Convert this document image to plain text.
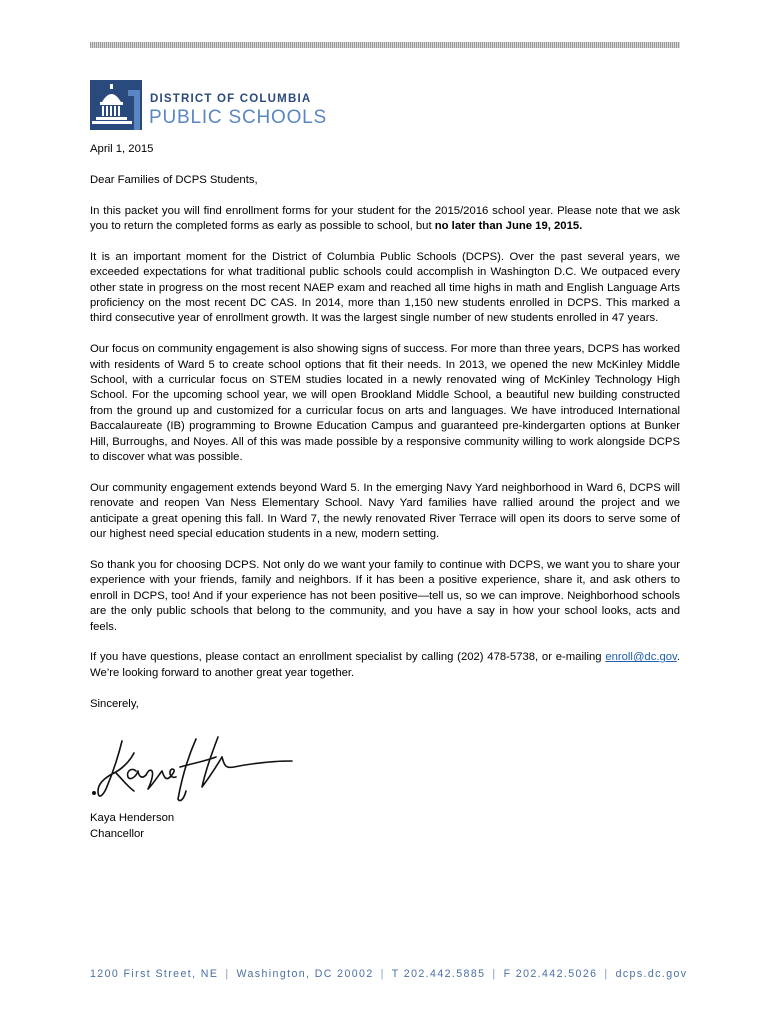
DISTRICT OF COLUMBIA
PUBLIC SCHOOLS

April 1, 2015

Dear Families of DCPS Students,

In this packet you will find enrollment forms for your student for the 2015/2016 school year. Please note that we ask you to return the completed forms as early as possible to school, but no later than June 19, 2015.

It is an important moment for the District of Columbia Public Schools (DCPS). Over the past several years, we exceeded expectations for what traditional public schools could accomplish in Washington D.C. We outpaced every other state in progress on the most recent NAEP exam and reached all time highs in math and English Language Arts proficiency on the most recent DC CAS. In 2014, more than 1,150 new students enrolled in DCPS. This marked a third consecutive year of enrollment growth. It was the largest single number of new students enrolled in 47 years.

Our focus on community engagement is also showing signs of success. For more than three years, DCPS has worked with residents of Ward 5 to create school options that fit their needs. In 2013, we opened the new McKinley Middle School, with a curricular focus on STEM studies located in a newly renovated wing of McKinley Technology High School. For the upcoming school year, we will open Brookland Middle School, a beautiful new building constructed from the ground up and customized for a curricular focus on arts and languages. We have introduced International Baccalaureate (IB) programming to Browne Education Campus and guaranteed pre-kindergarten options at Bunker Hill, Burroughs, and Noyes. All of this was made possible by a responsive community willing to work alongside DCPS to discover what was possible.

Our community engagement extends beyond Ward 5. In the emerging Navy Yard neighborhood in Ward 6, DCPS will renovate and reopen Van Ness Elementary School. Navy Yard families have rallied around the project and we anticipate a great opening this fall. In Ward 7, the newly renovated River Terrace will open its doors to serve some of our highest need special education students in a new, modern setting.

So thank you for choosing DCPS. Not only do we want your family to continue with DCPS, we want you to share your experience with your friends, family and neighbors. If it has been a positive experience, share it, and ask others to enroll in DCPS, too! And if your experience has not been positive—tell us, so we can improve. Neighborhood schools are the only public schools that belong to the community, and you have a say in how your school looks, acts and feels.

If you have questions, please contact an enrollment specialist by calling (202) 478-5738, or e-mailing enroll@dc.gov. We’re looking forward to another great year together.

Sincerely,

Kaya Henderson

Chancellor

1200 First Street, NE | Washington, DC 20002 | T 202.442.5885 | F 202.442.5026 | dcps.dc.gov
